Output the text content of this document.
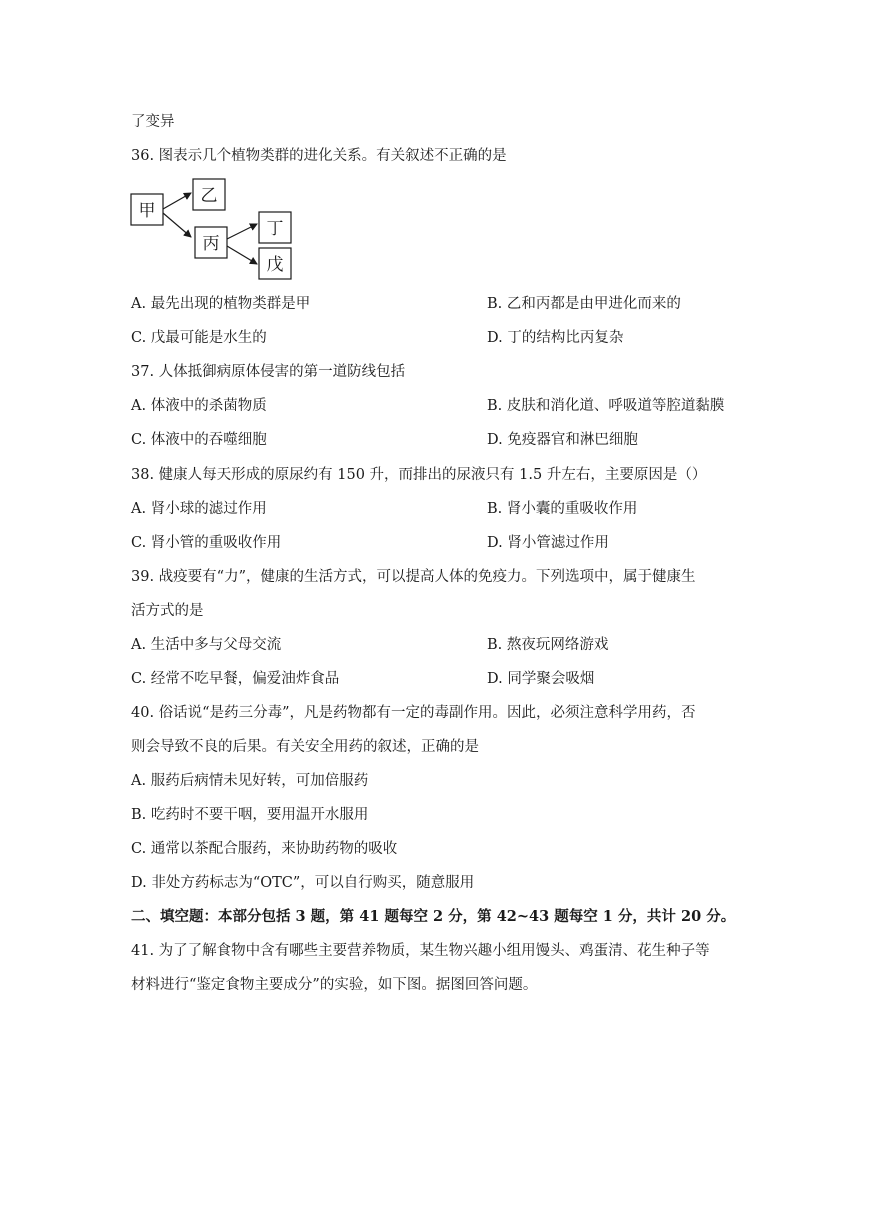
了变异
36. 图表示几个植物类群的进化关系。有关叙述不正确的是
甲
乙
丙
丁
戊
A. 最先出现的植物类群是甲	B. 乙和丙都是由甲进化而来的
C. 戊最可能是水生的	D. 丁的结构比丙复杂
37. 人体抵御病原体侵害的第一道防线包括
A. 体液中的杀菌物质	B. 皮肤和消化道、呼吸道等腔道黏膜
C. 体液中的吞噬细胞	D. 免疫器官和淋巴细胞
38. 健康人每天形成的原尿约有 150 升，而排出的尿液只有 1.5 升左右，主要原因是（）
A. 肾小球的滤过作用	B. 肾小囊的重吸收作用
C. 肾小管的重吸收作用	D. 肾小管滤过作用
39. 战疫要有“力”，健康的生活方式，可以提高人体的免疫力。下列选项中，属于健康生
活方式的是
A. 生活中多与父母交流	B. 熬夜玩网络游戏
C. 经常不吃早餐，偏爱油炸食品	D. 同学聚会吸烟
40. 俗话说“是药三分毒”，凡是药物都有一定的毒副作用。因此，必须注意科学用药，否
则会导致不良的后果。有关安全用药的叙述，正确的是
A. 服药后病情未见好转，可加倍服药
B. 吃药时不要干咽，要用温开水服用
C. 通常以茶配合服药，来协助药物的吸收
D. 非处方药标志为“OTC”，可以自行购买，随意服用
二、填空题：本部分包括 3 题，第 41 题每空 2 分，第 42~43 题每空 1 分，共计 20 分。
41. 为了了解食物中含有哪些主要营养物质，某生物兴趣小组用馒头、鸡蛋清、花生种子等
材料进行“鉴定食物主要成分”的实验，如下图。据图回答问题。
